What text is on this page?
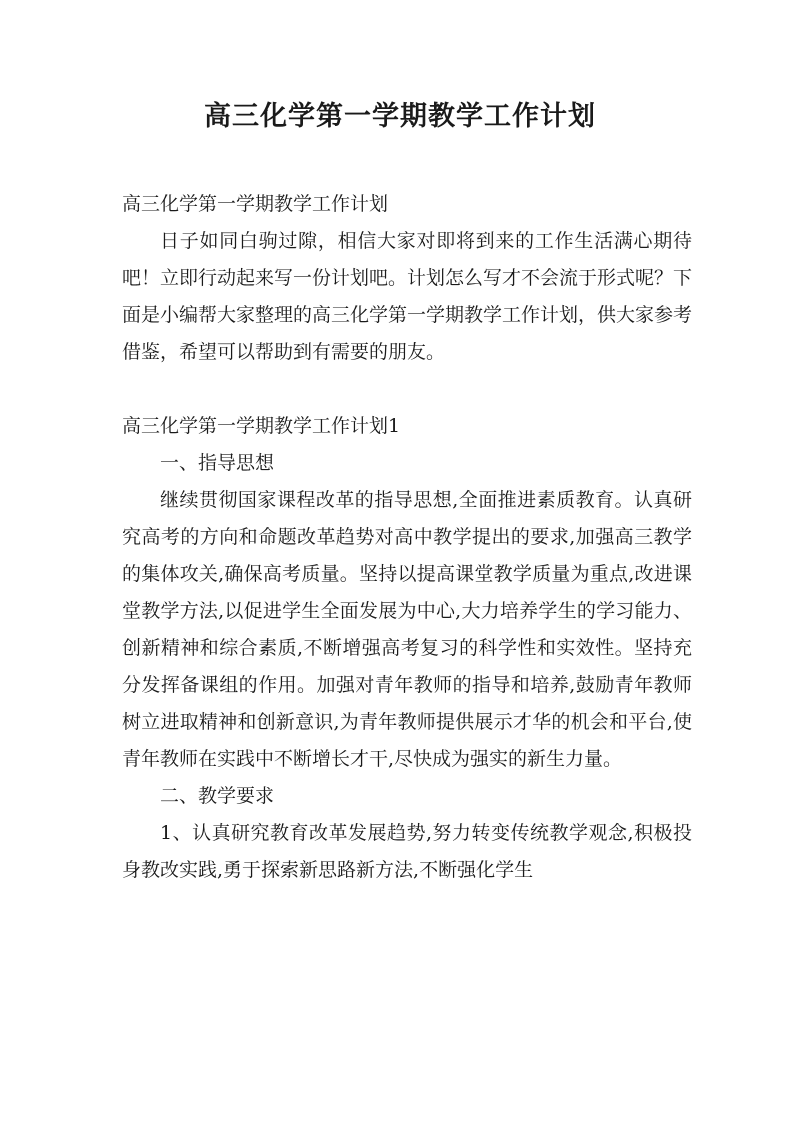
高三化学第一学期教学工作计划

高三化学第一学期教学工作计划

日子如同白驹过隙，相信大家对即将到来的工作生活满心期待吧！立即行动起来写一份计划吧。计划怎么写才不会流于形式呢？下面是小编帮大家整理的高三化学第一学期教学工作计划，供大家参考借鉴，希望可以帮助到有需要的朋友。

高三化学第一学期教学工作计划1

一、指导思想

继续贯彻国家课程改革的指导思想,全面推进素质教育。认真研究高考的方向和命题改革趋势对高中教学提出的要求,加强高三教学的集体攻关,确保高考质量。坚持以提高课堂教学质量为重点,改进课堂教学方法,以促进学生全面发展为中心,大力培养学生的学习能力、创新精神和综合素质,不断增强高考复习的科学性和实效性。坚持充分发挥备课组的作用。加强对青年教师的指导和培养,鼓励青年教师树立进取精神和创新意识,为青年教师提供展示才华的机会和平台,使青年教师在实践中不断增长才干,尽快成为强实的新生力量。

二、教学要求

1、认真研究教育改革发展趋势,努力转变传统教学观念,积极投身教改实践,勇于探索新思路新方法,不断强化学生
